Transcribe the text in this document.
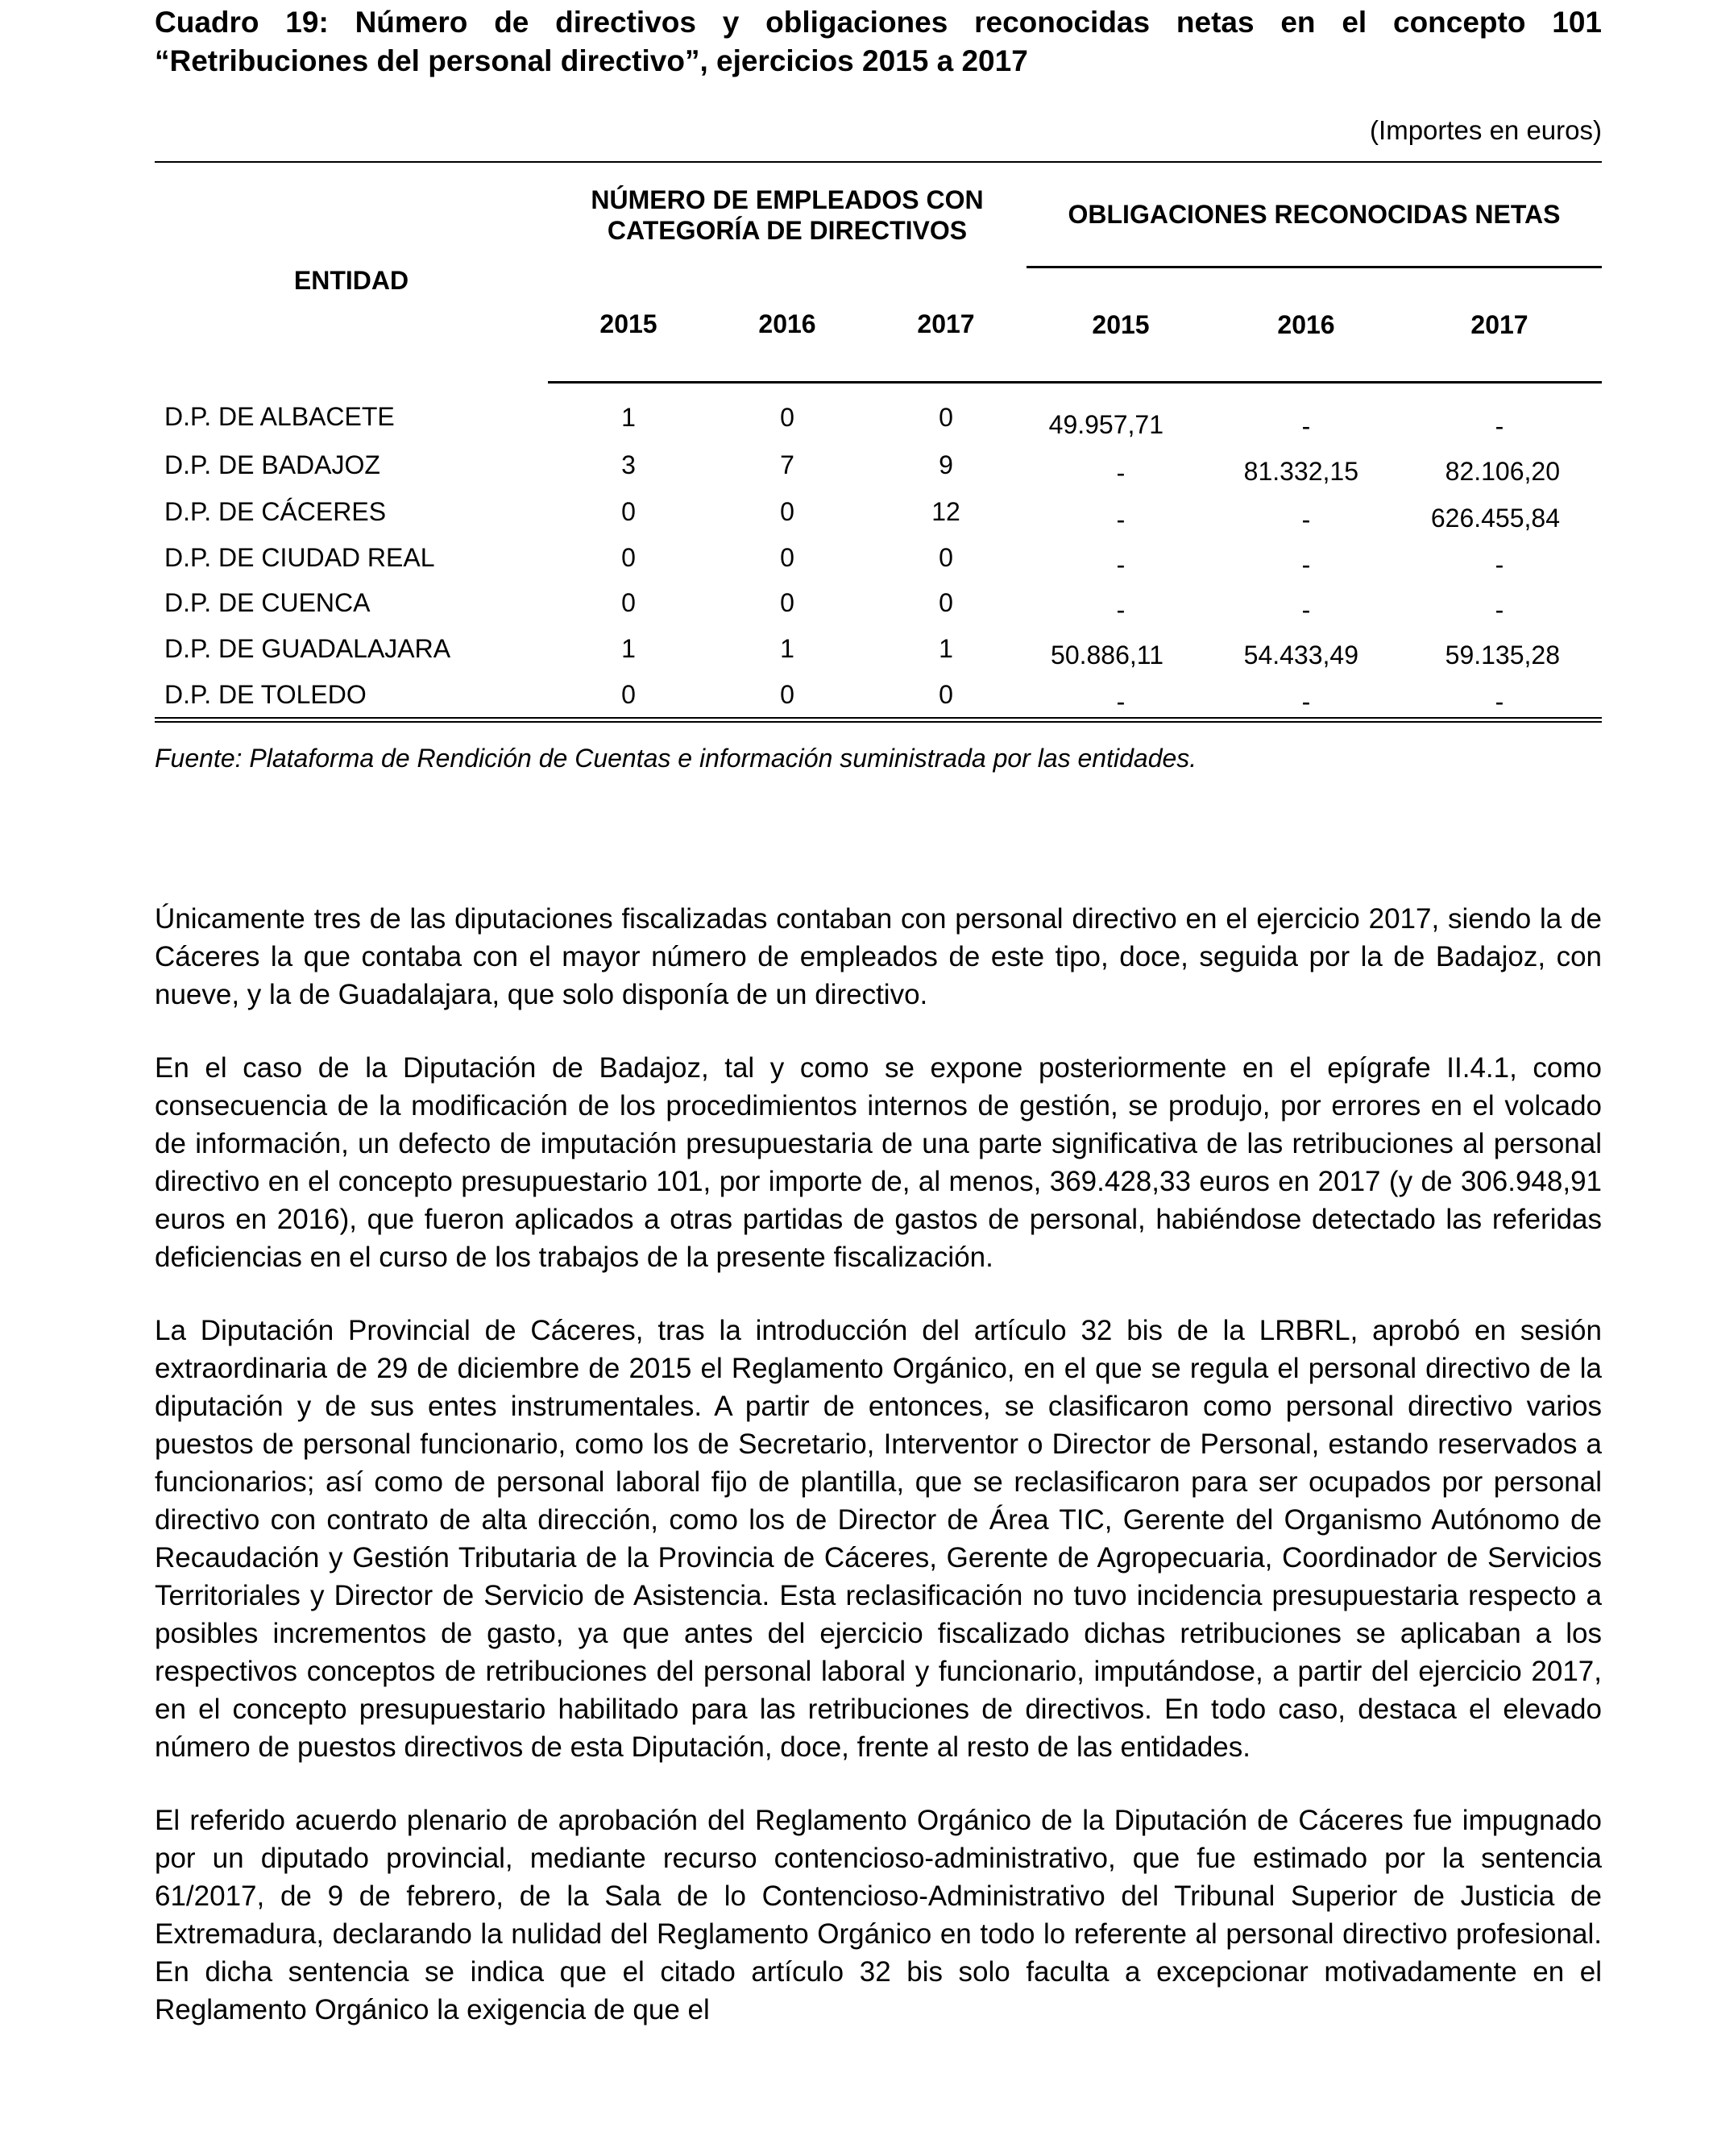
Cuadro 19: Número de directivos y obligaciones reconocidas netas en el concepto 101 “Retribuciones del personal directivo”, ejercicios 2015 a 2017

(Importes en euros)
ENTIDAD	NÚMERO DE EMPLEADOS CON CATEGORÍA DE DIRECTIVOS			OBLIGACIONES RECONOCIDAS NETAS		
	2015	2016	2017	2015	2016	2017
D.P. DE ALBACETE	1	0	0	49.957,71	-	-
D.P. DE BADAJOZ	3	7	9	-	81.332,15	82.106,20
D.P. DE CÁCERES	0	0	12	-	-	626.455,84
D.P. DE CIUDAD REAL	0	0	0	-	-	-
D.P. DE CUENCA	0	0	0	-	-	-
D.P. DE GUADALAJARA	1	1	1	50.886,11	54.433,49	59.135,28
D.P. DE TOLEDO	0	0	0	-	-	-
Fuente: Plataforma de Rendición de Cuentas e información suministrada por las entidades.

Únicamente tres de las diputaciones fiscalizadas contaban con personal directivo en el ejercicio 2017, siendo la de Cáceres la que contaba con el mayor número de empleados de este tipo, doce, seguida por la de Badajoz, con nueve, y la de Guadalajara, que solo disponía de un directivo.

En el caso de la Diputación de Badajoz, tal y como se expone posteriormente en el epígrafe II.4.1, como consecuencia de la modificación de los procedimientos internos de gestión, se produjo, por errores en el volcado de información, un defecto de imputación presupuestaria de una parte significativa de las retribuciones al personal directivo en el concepto presupuestario 101, por importe de, al menos, 369.428,33 euros en 2017 (y de 306.948,91 euros en 2016), que fueron aplicados a otras partidas de gastos de personal, habiéndose detectado las referidas deficiencias en el curso de los trabajos de la presente fiscalización.

La Diputación Provincial de Cáceres, tras la introducción del artículo 32 bis de la LRBRL, aprobó en sesión extraordinaria de 29 de diciembre de 2015 el Reglamento Orgánico, en el que se regula el personal directivo de la diputación y de sus entes instrumentales. A partir de entonces, se clasificaron como personal directivo varios puestos de personal funcionario, como los de Secretario, Interventor o Director de Personal, estando reservados a funcionarios; así como de personal laboral fijo de plantilla, que se reclasificaron para ser ocupados por personal directivo con contrato de alta dirección, como los de Director de Área TIC, Gerente del Organismo Autónomo de Recaudación y Gestión Tributaria de la Provincia de Cáceres, Gerente de Agropecuaria, Coordinador de Servicios Territoriales y Director de Servicio de Asistencia. Esta reclasificación no tuvo incidencia presupuestaria respecto a posibles incrementos de gasto, ya que antes del ejercicio fiscalizado dichas retribuciones se aplicaban a los respectivos conceptos de retribuciones del personal laboral y funcionario, imputándose, a partir del ejercicio 2017, en el concepto presupuestario habilitado para las retribuciones de directivos. En todo caso, destaca el elevado número de puestos directivos de esta Diputación, doce, frente al resto de las entidades.

El referido acuerdo plenario de aprobación del Reglamento Orgánico de la Diputación de Cáceres fue impugnado por un diputado provincial, mediante recurso contencioso-administrativo, que fue estimado por la sentencia 61/2017, de 9 de febrero, de la Sala de lo Contencioso-Administrativo del Tribunal Superior de Justicia de Extremadura, declarando la nulidad del Reglamento Orgánico en todo lo referente al personal directivo profesional. En dicha sentencia se indica que el citado artículo 32 bis solo faculta a excepcionar motivadamente en el Reglamento Orgánico la exigencia de que el
